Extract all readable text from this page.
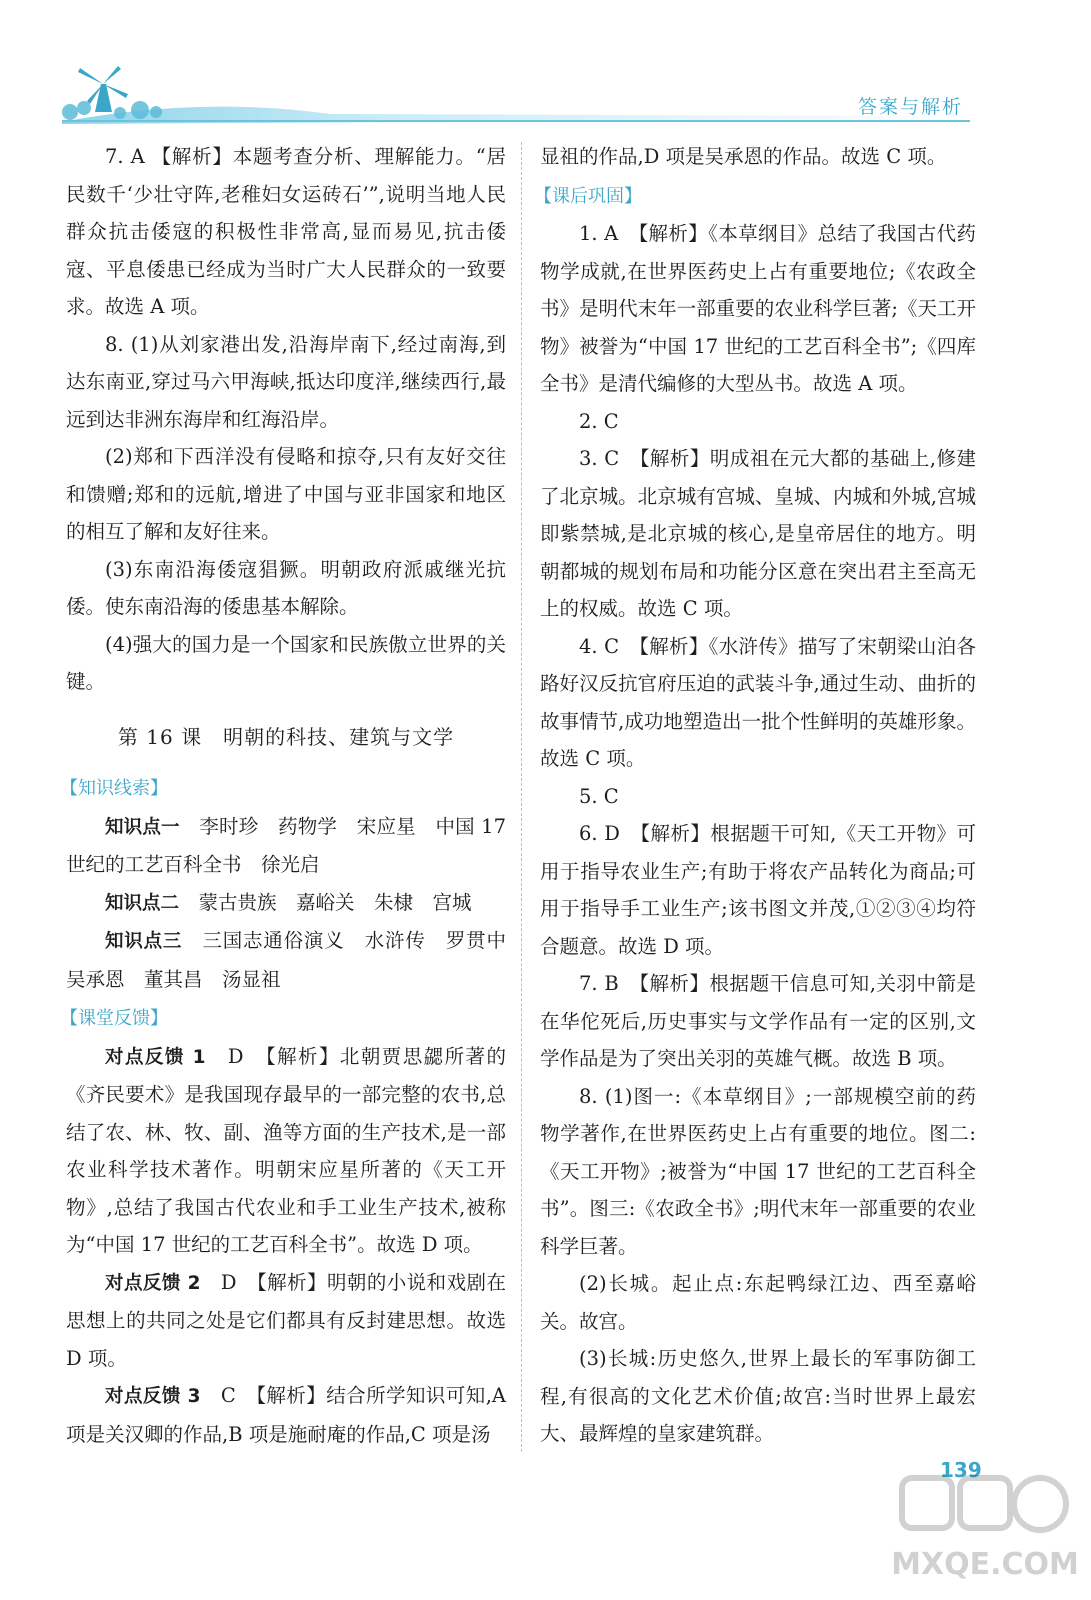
答案与解析

7. A 【解析】本题考查分析、理解能力。“居民数千‘少壮守阵,老稚妇女运砖石’”,说明当地人民群众抗击倭寇的积极性非常高,显而易见,抗击倭寇、平息倭患已经成为当时广大人民群众的一致要求。故选 A 项。

8. (1)从刘家港出发,沿海岸南下,经过南海,到达东南亚,穿过马六甲海峡,抵达印度洋,继续西行,最远到达非洲东海岸和红海沿岸。

(2)郑和下西洋没有侵略和掠夺,只有友好交往和馈赠;郑和的远航,增进了中国与亚非国家和地区的相互了解和友好往来。

(3)东南沿海倭寇猖獗。明朝政府派戚继光抗倭。使东南沿海的倭患基本解除。

(4)强大的国力是一个国家和民族傲立世界的关键。

第 16 课　明朝的科技、建筑与文学

【知识线索】

知识点一　李时珍　药物学　宋应星　中国 17 世纪的工艺百科全书　徐光启

知识点二　蒙古贵族　嘉峪关　朱棣　宫城

知识点三　三国志通俗演义　水浒传　罗贯中　吴承恩　董其昌　汤显祖

【课堂反馈】

对点反馈 1　D　【解析】北朝贾思勰所著的《齐民要术》是我国现存最早的一部完整的农书,总结了农、林、牧、副、渔等方面的生产技术,是一部农业科学技术著作。明朝宋应星所著的《天工开物》,总结了我国古代农业和手工业生产技术,被称为“中国 17 世纪的工艺百科全书”。故选 D 项。

对点反馈 2　D　【解析】明朝的小说和戏剧在思想上的共同之处是它们都具有反封建思想。故选 D 项。

对点反馈 3　C　【解析】结合所学知识可知,A 项是关汉卿的作品,B 项是施耐庵的作品,C 项是汤

显祖的作品,D 项是吴承恩的作品。故选 C 项。

【课后巩固】

1. A　【解析】《本草纲目》总结了我国古代药物学成就,在世界医药史上占有重要地位;《农政全书》是明代末年一部重要的农业科学巨著;《天工开物》被誉为“中国 17 世纪的工艺百科全书”;《四库全书》是清代编修的大型丛书。故选 A 项。

2. C

3. C　【解析】明成祖在元大都的基础上,修建了北京城。北京城有宫城、皇城、内城和外城,宫城即紫禁城,是北京城的核心,是皇帝居住的地方。明朝都城的规划布局和功能分区意在突出君主至高无上的权威。故选 C 项。

4. C　【解析】《水浒传》描写了宋朝梁山泊各路好汉反抗官府压迫的武装斗争,通过生动、曲折的故事情节,成功地塑造出一批个性鲜明的英雄形象。故选 C 项。

5. C

6. D　【解析】根据题干可知,《天工开物》可用于指导农业生产;有助于将农产品转化为商品;可用于指导手工业生产;该书图文并茂,①②③④均符合题意。故选 D 项。

7. B　【解析】根据题干信息可知,关羽中箭是在华佗死后,历史事实与文学作品有一定的区别,文学作品是为了突出关羽的英雄气概。故选 B 项。

8. (1)图一:《本草纲目》;一部规模空前的药物学著作,在世界医药史上占有重要的地位。图二:《天工开物》;被誉为“中国 17 世纪的工艺百科全书”。图三:《农政全书》;明代末年一部重要的农业科学巨著。

(2)长城。起止点:东起鸭绿江边、西至嘉峪关。故宫。

(3)长城:历史悠久,世界上最长的军事防御工程,有很高的文化艺术价值;故宫:当时世界上最宏大、最辉煌的皇家建筑群。

139
MXQE.COM
